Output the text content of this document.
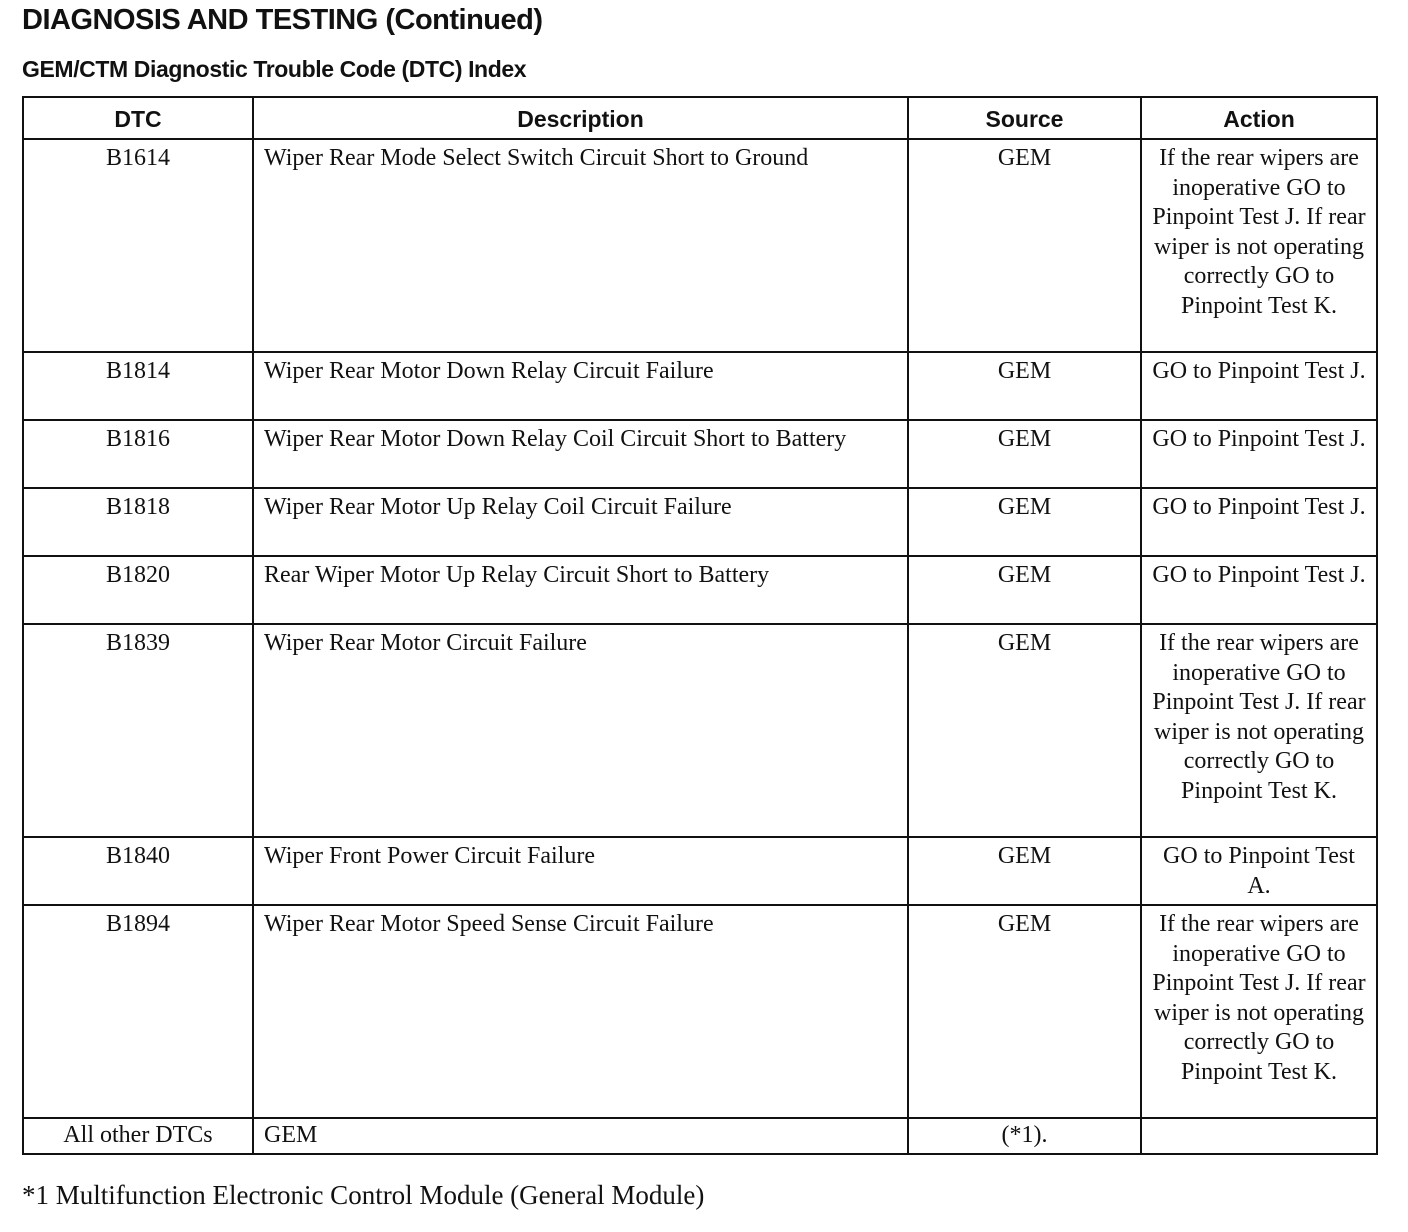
DIAGNOSIS AND TESTING (Continued)
GEM/CTM Diagnostic Trouble Code (DTC) Index
DTC	Description	Source	Action
B1614	Wiper Rear Mode Select Switch Circuit Short to Ground	GEM	If the rear wipers are inoperative GO to Pinpoint Test J. If rear wiper is not operating correctly GO to Pinpoint Test K.
B1814	Wiper Rear Motor Down Relay Circuit Failure	GEM	GO to Pinpoint Test J.
B1816	Wiper Rear Motor Down Relay Coil Circuit Short to Battery	GEM	GO to Pinpoint Test J.
B1818	Wiper Rear Motor Up Relay Coil Circuit Failure	GEM	GO to Pinpoint Test J.
B1820	Rear Wiper Motor Up Relay Circuit Short to Battery	GEM	GO to Pinpoint Test J.
B1839	Wiper Rear Motor Circuit Failure	GEM	If the rear wipers are inoperative GO to Pinpoint Test J. If rear wiper is not operating correctly GO to Pinpoint Test K.
B1840	Wiper Front Power Circuit Failure	GEM	GO to Pinpoint Test A.
B1894	Wiper Rear Motor Speed Sense Circuit Failure	GEM	If the rear wipers are inoperative GO to Pinpoint Test J. If rear wiper is not operating correctly GO to Pinpoint Test K.
All other DTCs	GEM	(*1).	

*1 Multifunction Electronic Control Module (General Module)
